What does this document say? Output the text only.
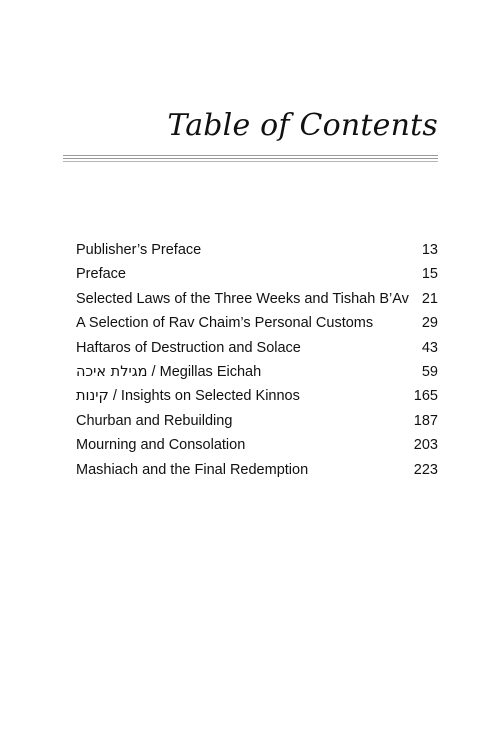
Table of Contents
Publisher’s Preface	13
Preface	15
Selected Laws of the Three Weeks and Tishah B’Av 21
A Selection of Rav Chaim’s Personal Customs	29
Haftaros of Destruction and Solace	43
מגילת איכה / Megillas Eichah	59
קינות / Insights on Selected Kinnos	165
Churban and Rebuilding	187
Mourning and Consolation	203
Mashiach and the Final Redemption	223
